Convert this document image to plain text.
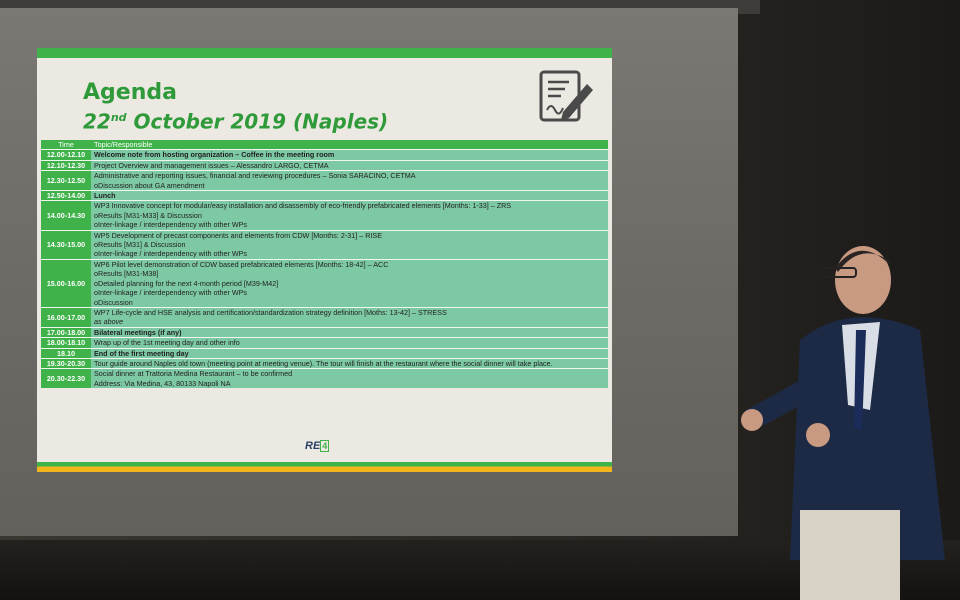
Agenda
22nd October 2019 (Naples)
Time	Topic/Responsible
12.00-12.10	Welcome note from hosting organization – Coffee in the meeting room

12.10-12.30	Project Overview and management issues – Alessandro LARGO, CETMA

12.30-12.50	Administrative and reporting issues, financial and reviewing procedures – Sonia SARACINO, CETMA
oDiscussion about GA amendment

12.50-14.00	Lunch

14.00-14.30	WP3 Innovative concept for modular/easy installation and disassembly of eco-friendly prefabricated elements [Months: 1-33] – ZRS
oResults [M31-M33] & Discussion
oInter-linkage / interdependency with other WPs

14.30-15.00	WP5 Development of precast components and elements from CDW [Months: 2-31] – RISE
oResults [M31] & Discussion
oInter-linkage / interdependency with other WPs

15.00-16.00	WP6 Pilot level demonstration of CDW based prefabricated elements [Months: 18-42] – ACC
oResults [M31-M38]
oDetailed planning for the next 4-month period [M39-M42]
oInter-linkage / interdependency with other WPs
oDiscussion

16.00-17.00	WP7 Life-cycle and HSE analysis and certification/standardization strategy definition [Moths: 13-42] – STRESS
as above

17.00-18.00	Bilateral meetings (if any)

18.00-18.10	Wrap up of the 1st meeting day and other info

18.10	End of the first meeting day

19.30-20.30	Tour guide around Naples old town (meeting point at meeting venue). The tour will finish at the restaurant where the social dinner will take place.

20.30-22.30	Social dinner at Trattoria Medina Restaurant – to be confirmed
Address: Via Medina, 43, 80133 Napoli NA
RE 4
